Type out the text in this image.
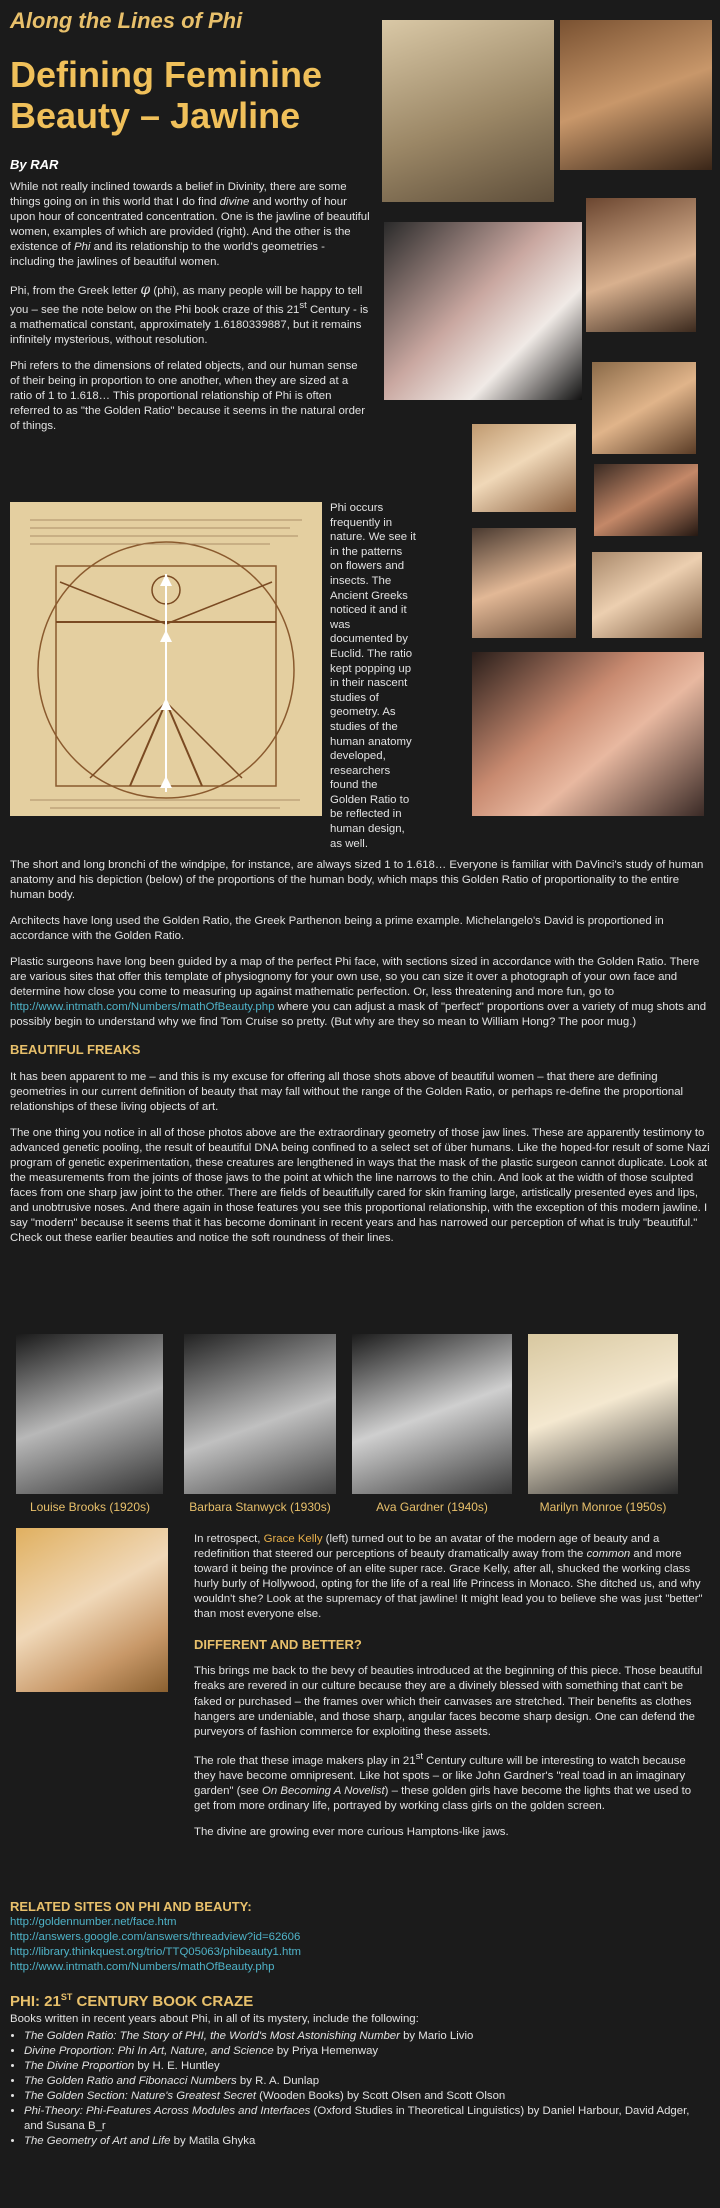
Along the Lines of Phi
Defining Feminine Beauty – Jawline
By RAR

While not really inclined towards a belief in Divinity, there are some things going on in this world that I do find divine and worthy of hour upon hour of concentrated concentration. One is the jawline of beautiful women, examples of which are provided (right). And the other is the existence of Phi and its relationship to the world's geometries - including the jawlines of beautiful women.

Phi, from the Greek letter φ (phi), as many people will be happy to tell you – see the note below on the Phi book craze of this 21st Century - is a mathematical constant, approximately 1.6180339887, but it remains infinitely mysterious, without resolution.

Phi refers to the dimensions of related objects, and our human sense of their being in proportion to one another, when they are sized at a ratio of 1 to 1.618… This proportional relationship of Phi is often referred to as "the Golden Ratio" because it seems in the natural order of things.

Phi occurs frequently in nature. We see it in the patterns on flowers and insects. The Ancient Greeks noticed it and it was documented by Euclid. The ratio kept popping up in their nascent studies of geometry. As studies of the human anatomy developed, researchers found the Golden Ratio to be reflected in human design, as well.

The short and long bronchi of the windpipe, for instance, are always sized 1 to 1.618… Everyone is familiar with DaVinci's study of human anatomy and his depiction (below) of the proportions of the human body, which maps this Golden Ratio of proportionality to the entire human body.

Architects have long used the Golden Ratio, the Greek Parthenon being a prime example. Michelangelo's David is proportioned in accordance with the Golden Ratio.

Plastic surgeons have long been guided by a map of the perfect Phi face, with sections sized in accordance with the Golden Ratio. There are various sites that offer this template of physiognomy for your own use, so you can size it over a photograph of your own face and determine how close you come to measuring up against mathematic perfection. Or, less threatening and more fun, go to http://www.intmath.com/Numbers/mathOfBeauty.php where you can adjust a mask of "perfect" proportions over a variety of mug shots and possibly begin to understand why we find Tom Cruise so pretty. (But why are they so mean to William Hong? The poor mug.)

BEAUTIFUL FREAKS

It has been apparent to me – and this is my excuse for offering all those shots above of beautiful women – that there are defining geometries in our current definition of beauty that may fall without the range of the Golden Ratio, or perhaps re-define the proportional relationships of these living objects of art.

The one thing you notice in all of those photos above are the extraordinary geometry of those jaw lines. These are apparently testimony to advanced genetic pooling, the result of beautiful DNA being confined to a select set of über humans. Like the hoped-for result of some Nazi program of genetic experimentation, these creatures are lengthened in ways that the mask of the plastic surgeon cannot duplicate. Look at the measurements from the joints of those jaws to the point at which the line narrows to the chin. And look at the width of those sculpted faces from one sharp jaw joint to the other. There are fields of beautifully cared for skin framing large, artistically presented eyes and lips, and unobtrusive noses. And there again in those features you see this proportional relationship, with the exception of this modern jawline. I say "modern" because it seems that it has become dominant in recent years and has narrowed our perception of what is truly "beautiful." Check out these earlier beauties and notice the soft roundness of their lines.

Louise Brooks (1920s)	Barbara Stanwyck (1930s)	Ava Gardner (1940s)	Marilyn Monroe (1950s)

In retrospect, Grace Kelly (left) turned out to be an avatar of the modern age of beauty and a redefinition that steered our perceptions of beauty dramatically away from the common and more toward it being the province of an elite super race. Grace Kelly, after all, shucked the working class hurly burly of Hollywood, opting for the life of a real life Princess in Monaco. She ditched us, and why wouldn't she? Look at the supremacy of that jawline! It might lead you to believe she was just "better" than most everyone else.

DIFFERENT AND BETTER?

This brings me back to the bevy of beauties introduced at the beginning of this piece. Those beautiful freaks are revered in our culture because they are a divinely blessed with something that can't be faked or purchased – the frames over which their canvases are stretched. Their benefits as clothes hangers are undeniable, and those sharp, angular faces become sharp design. One can defend the purveyors of fashion commerce for exploiting these assets.

The role that these image makers play in 21st Century culture will be interesting to watch because they have become omnipresent. Like hot spots – or like John Gardner's "real toad in an imaginary garden" (see On Becoming A Novelist) – these golden girls have become the lights that we used to get from more ordinary life, portrayed by working class girls on the golden screen.

The divine are growing ever more curious Hamptons-like jaws.

RELATED SITES ON PHI AND BEAUTY:
http://goldennumber.net/face.htm
http://answers.google.com/answers/threadview?id=62606
http://library.thinkquest.org/trio/TTQ05063/phibeauty1.htm
http://www.intmath.com/Numbers/mathOfBeauty.php
PHI: 21ST CENTURY BOOK CRAZE
Books written in recent years about Phi, in all of its mystery, include the following:
• The Golden Ratio: The Story of PHI, the World's Most Astonishing Number by Mario Livio
• Divine Proportion: Phi In Art, Nature, and Science by Priya Hemenway
• The Divine Proportion by H. E. Huntley
• The Golden Ratio and Fibonacci Numbers by R. A. Dunlap
• The Golden Section: Nature's Greatest Secret (Wooden Books) by Scott Olsen and Scott Olson
• Phi-Theory: Phi-Features Across Modules and Interfaces (Oxford Studies in Theoretical Linguistics) by Daniel Harbour, David Adger, and Susana B_r
• The Geometry of Art and Life by Matila Ghyka
